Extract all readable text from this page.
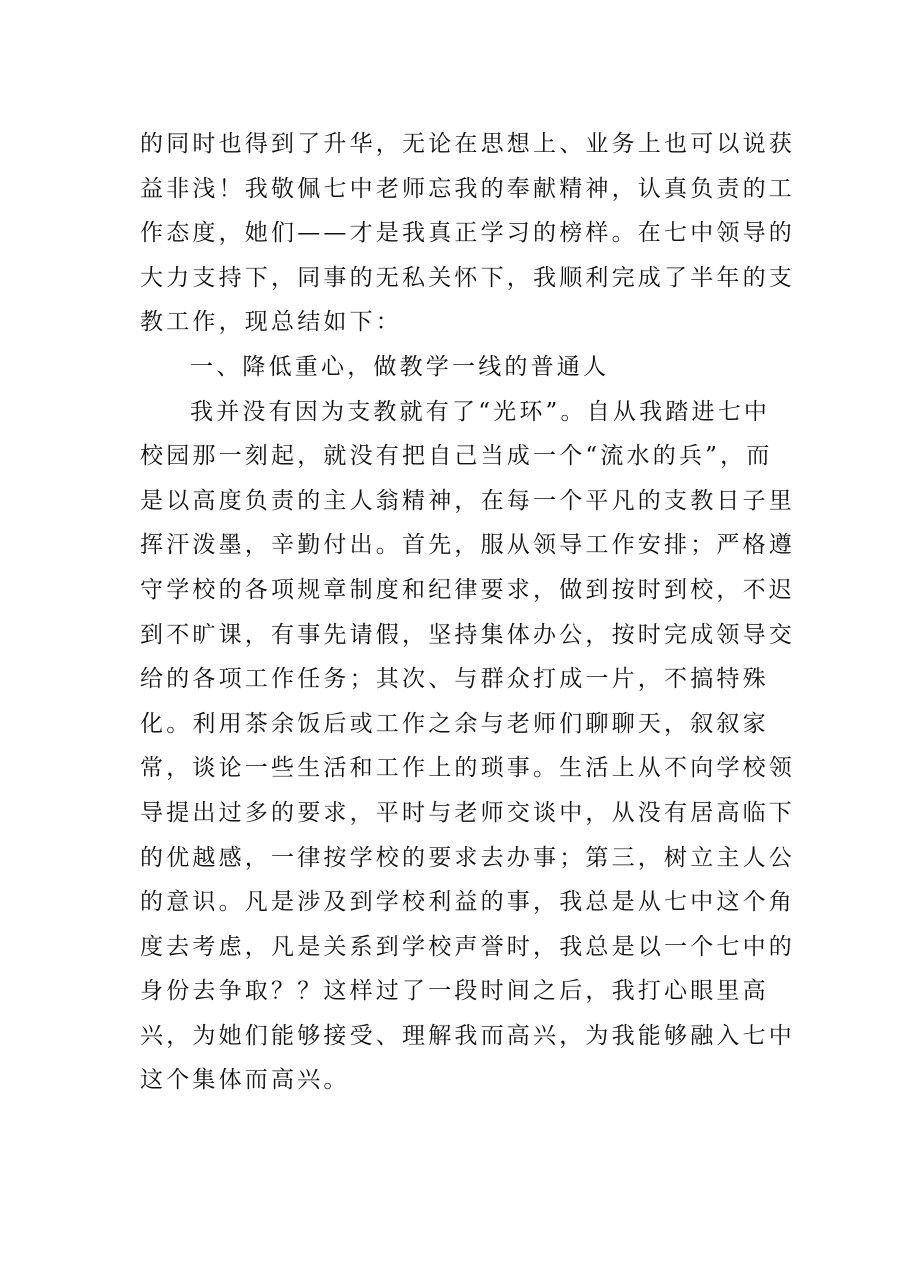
的同时也得到了升华，无论在思想上、业务上也可以说获
益非浅！我敬佩七中老师忘我的奉献精神，认真负责的工
作态度，她们——才是我真正学习的榜样。在七中领导的
大力支持下，同事的无私关怀下，我顺利完成了半年的支
教工作，现总结如下：
一、降低重心，做教学一线的普通人
我并没有因为支教就有了“光环”。自从我踏进七中
校园那一刻起，就没有把自己当成一个“流水的兵”，而
是以高度负责的主人翁精神，在每一个平凡的支教日子里
挥汗泼墨，辛勤付出。首先，服从领导工作安排；严格遵
守学校的各项规章制度和纪律要求，做到按时到校，不迟
到不旷课，有事先请假，坚持集体办公，按时完成领导交
给的各项工作任务；其次、与群众打成一片，不搞特殊
化。利用茶余饭后或工作之余与老师们聊聊天，叙叙家
常，谈论一些生活和工作上的琐事。生活上从不向学校领
导提出过多的要求，平时与老师交谈中，从没有居高临下
的优越感，一律按学校的要求去办事；第三，树立主人公
的意识。凡是涉及到学校利益的事，我总是从七中这个角
度去考虑，凡是关系到学校声誉时，我总是以一个七中的
身份去争取？？这样过了一段时间之后，我打心眼里高
兴，为她们能够接受、理解我而高兴，为我能够融入七中
这个集体而高兴。
